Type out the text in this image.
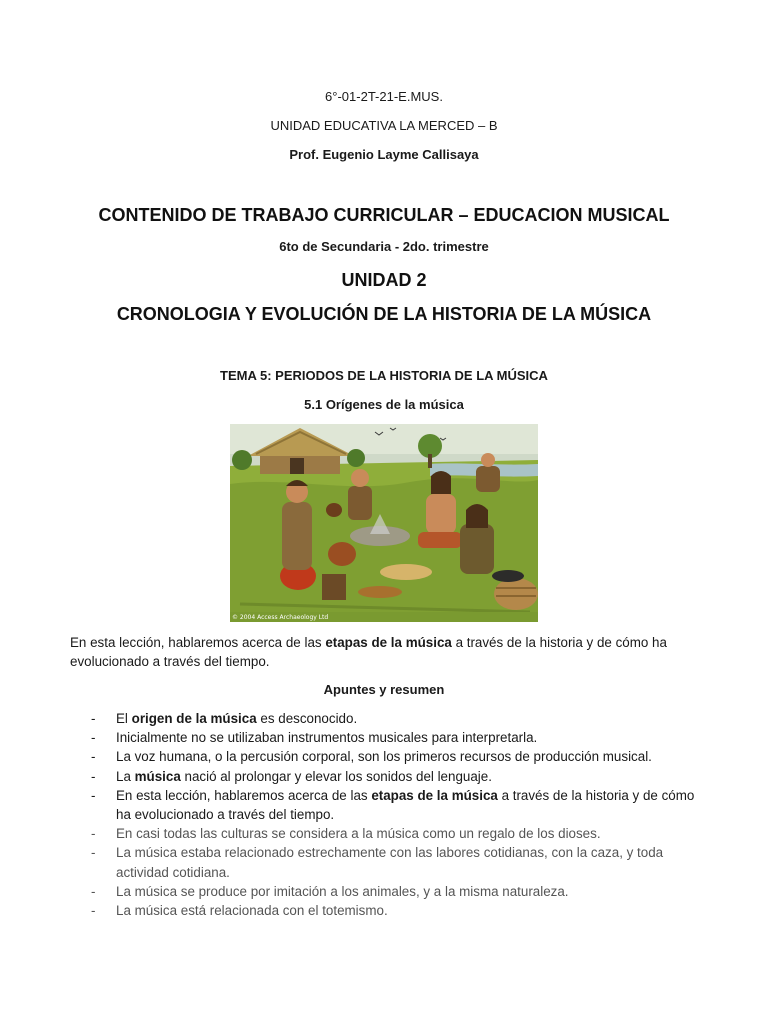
6°-01-2T-21-E.MUS.
UNIDAD EDUCATIVA LA MERCED – B
Prof. Eugenio Layme Callisaya
CONTENIDO DE TRABAJO CURRICULAR – EDUCACION MUSICAL
6to de Secundaria - 2do. trimestre
UNIDAD 2
CRONOLOGIA Y EVOLUCIÓN DE LA HISTORIA DE LA MÚSICA
TEMA 5: PERIODOS DE LA HISTORIA DE LA MÚSICA
5.1 Orígenes de la música
© 2004 Access Archaeology Ltd
En esta lección, hablaremos acerca de las etapas de la música a través de la historia y de cómo ha evolucionado a través del tiempo.
Apuntes y resumen
- El origen de la música es desconocido.
- Inicialmente no se utilizaban instrumentos musicales para interpretarla.
- La voz humana, o la percusión corporal, son los primeros recursos de producción musical.
- La música nació al prolongar y elevar los sonidos del lenguaje.
- En esta lección, hablaremos acerca de las etapas de la música a través de la historia y de cómo ha evolucionado a través del tiempo.
- En casi todas las culturas se considera a la música como un regalo de los dioses.
- La música estaba relacionado estrechamente con las labores cotidianas, con la caza, y toda actividad cotidiana.
- La música se produce por imitación a los animales, y a la misma naturaleza.
- La música está relacionada con el totemismo.
